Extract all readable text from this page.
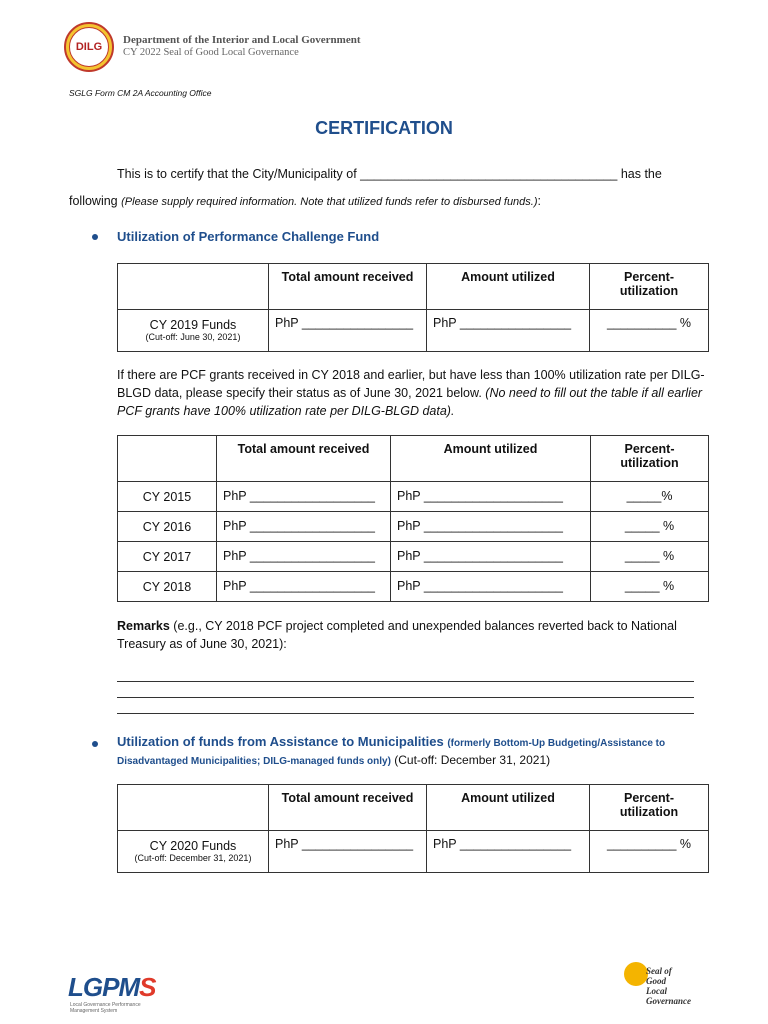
DILG
Department of the Interior and Local Government
CY 2022 Seal of Good Local Governance
SGLG Form CM 2A Accounting Office
CERTIFICATION
This is to certify that the City/Municipality of _____________________________________ has the
following (Please supply required information. Note that utilized funds refer to disbursed funds.):
Utilization of Performance Challenge Fund
	Total amount received	Amount utilized	Percent-
utilization
CY 2019 Funds
(Cut-off: June 30, 2021)	PhP ________________	PhP ________________	__________ %
If there are PCF grants received in CY 2018 and earlier, but have less than 100% utilization rate per DILG-BLGD data, please specify their status as of June 30, 2021 below. (No need to fill out the table if all earlier PCF grants have 100% utilization rate per DILG-BLGD data).
	Total amount received	Amount utilized	Percent-
utilization
CY 2015	PhP __________________	PhP ____________________	_____%
CY 2016	PhP __________________	PhP ____________________	_____ %
CY 2017	PhP __________________	PhP ____________________	_____ %
CY 2018	PhP __________________	PhP ____________________	_____ %
Remarks (e.g., CY 2018 PCF project completed and unexpended balances reverted back to National Treasury as of June 30, 2021):
Utilization of funds from Assistance to Municipalities (formerly Bottom-Up Budgeting/Assistance to Disadvantaged Municipalities; DILG-managed funds only) (Cut-off: December 31, 2021)
	Total amount received	Amount utilized	Percent-
utilization
CY 2020 Funds
(Cut-off: December 31, 2021)	PhP ________________	PhP ________________	__________ %
LGPMS
Local Governance Performance Management System
Seal of
Good
Local
Governance
